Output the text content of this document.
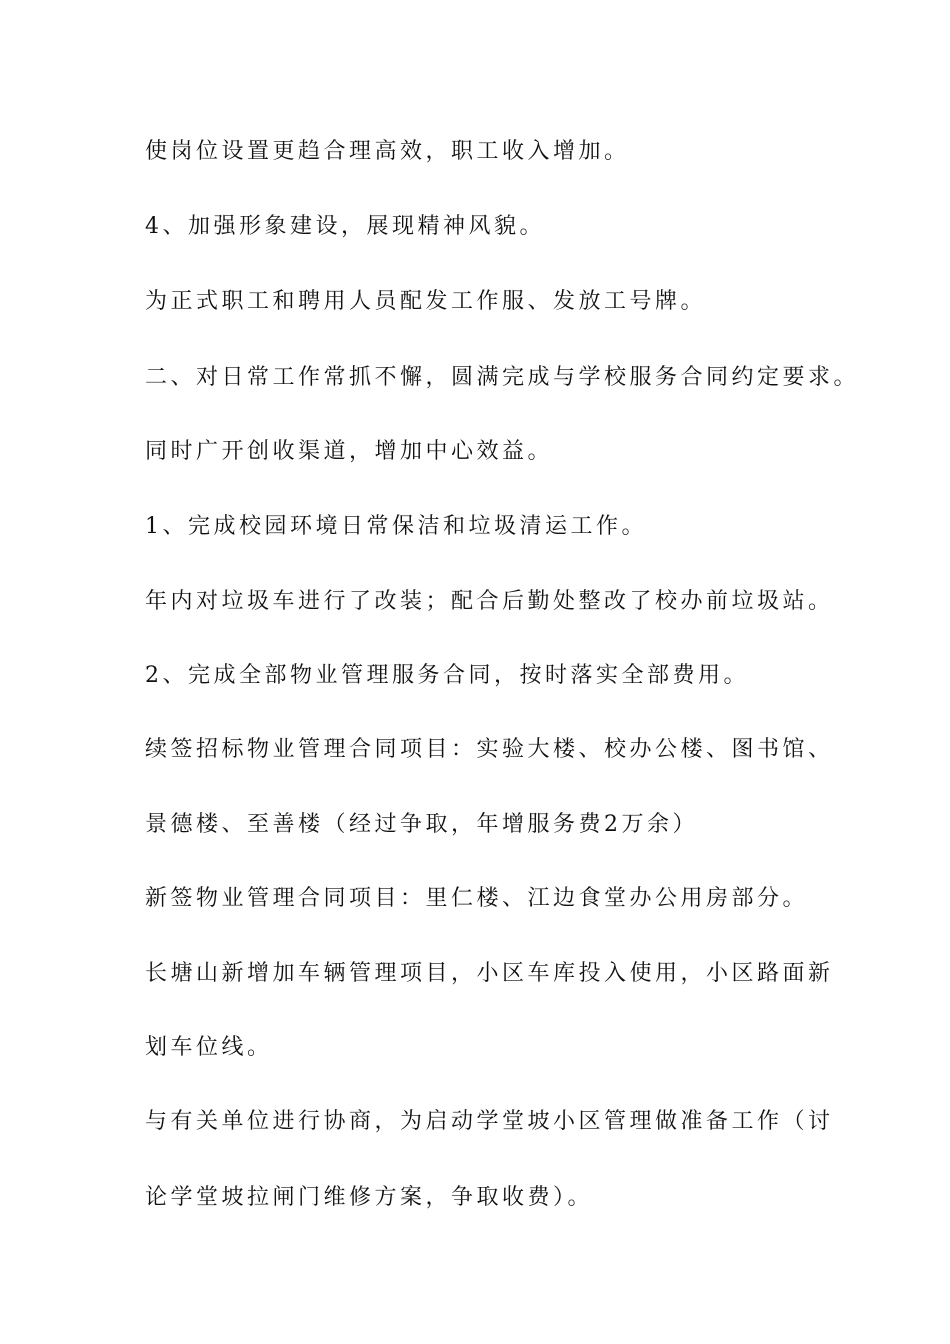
使岗位设置更趋合理高效，职工收入增加。
4、加强形象建设，展现精神风貌。
为正式职工和聘用人员配发工作服、发放工号牌。
二、对日常工作常抓不懈，圆满完成与学校服务合同约定要求。
同时广开创收渠道，增加中心效益。
1、完成校园环境日常保洁和垃圾清运工作。
年内对垃圾车进行了改装；配合后勤处整改了校办前垃圾站。
2、完成全部物业管理服务合同，按时落实全部费用。
续签招标物业管理合同项目：实验大楼、校办公楼、图书馆、
景德楼、至善楼（经过争取，年增服务费2万余）
新签物业管理合同项目：里仁楼、江边食堂办公用房部分。
长塘山新增加车辆管理项目，小区车库投入使用，小区路面新
划车位线。
与有关单位进行协商，为启动学堂坡小区管理做准备工作（讨
论学堂坡拉闸门维修方案，争取收费）。
